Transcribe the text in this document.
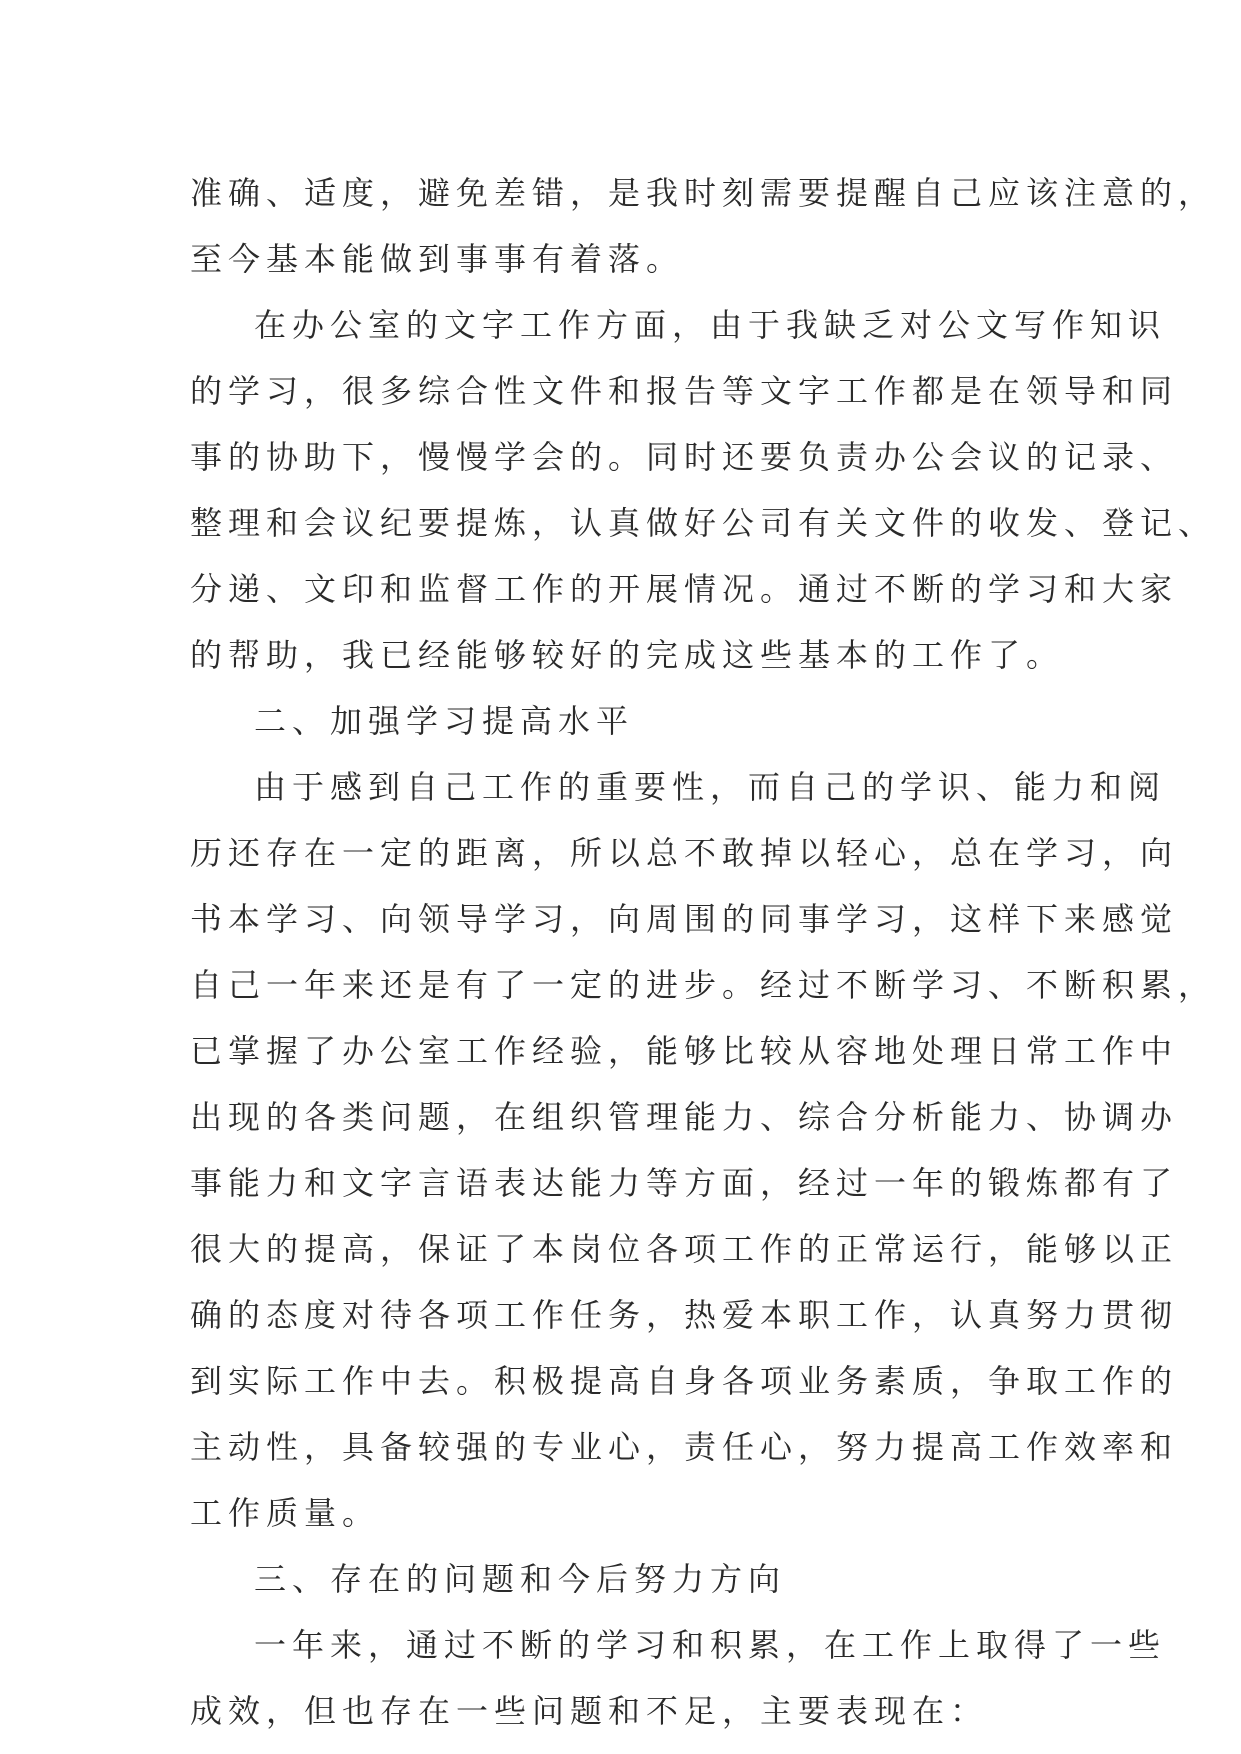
准确、适度，避免差错，是我时刻需要提醒自己应该注意的，
至今基本能做到事事有着落。
在办公室的文字工作方面，由于我缺乏对公文写作知识
的学习，很多综合性文件和报告等文字工作都是在领导和同
事的协助下，慢慢学会的。同时还要负责办公会议的记录、
整理和会议纪要提炼，认真做好公司有关文件的收发、登记、
分递、文印和监督工作的开展情况。通过不断的学习和大家
的帮助，我已经能够较好的完成这些基本的工作了。
二、加强学习提高水平
由于感到自己工作的重要性，而自己的学识、能力和阅
历还存在一定的距离，所以总不敢掉以轻心，总在学习，向
书本学习、向领导学习，向周围的同事学习，这样下来感觉
自己一年来还是有了一定的进步。经过不断学习、不断积累，
已掌握了办公室工作经验，能够比较从容地处理日常工作中
出现的各类问题，在组织管理能力、综合分析能力、协调办
事能力和文字言语表达能力等方面，经过一年的锻炼都有了
很大的提高，保证了本岗位各项工作的正常运行，能够以正
确的态度对待各项工作任务，热爱本职工作，认真努力贯彻
到实际工作中去。积极提高自身各项业务素质，争取工作的
主动性，具备较强的专业心，责任心，努力提高工作效率和
工作质量。
三、存在的问题和今后努力方向
一年来，通过不断的学习和积累，在工作上取得了一些
成效，但也存在一些问题和不足，主要表现在：
